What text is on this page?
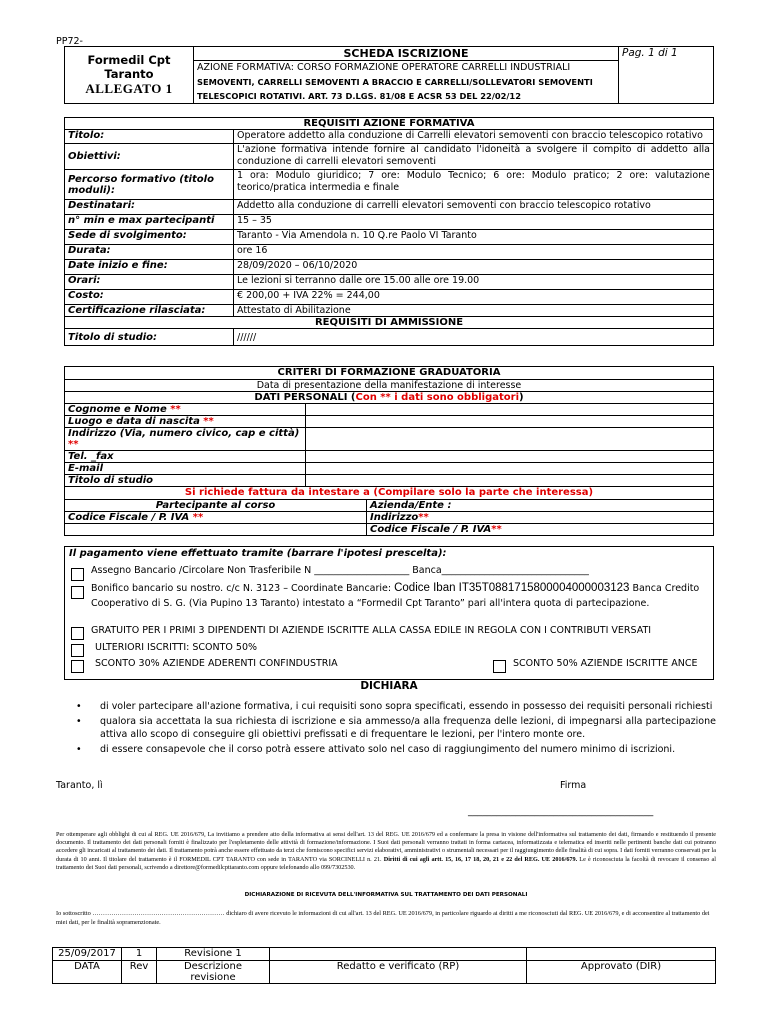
PP72-
Formedil Cpt
Taranto
ALLEGATO 1
	SCHEDA ISCRIZIONE	Pag. 1 di 1

AZIONE FORMATIVA: CORSO FORMAZIONE OPERATORE CARRELLI INDUSTRIALI
SEMOVENTI, CARRELLI SEMOVENTI A BRACCIO E CARRELLI/SOLLEVATORI SEMOVENTI
TELESCOPICI ROTATIVI. ART. 73 D.LGS. 81/08 E ACSR 53 DEL 22/02/12
REQUISITI AZIONE FORMATIVA	
Titolo:	Operatore addetto alla conduzione di Carrelli elevatori semoventi con braccio telescopico rotativo
Obiettivi:	L'azione formativa intende fornire al candidato l'idoneità a svolgere il compito di addetto alla conduzione di carrelli elevatori semoventi
Percorso formativo (titolo moduli):	1 ora: Modulo giuridico; 7 ore: Modulo Tecnico; 6 ore: Modulo pratico; 2 ore: valutazione teorico/pratica intermedia e finale
Destinatari:	Addetto alla conduzione di carrelli elevatori semoventi con braccio telescopico rotativo
n° min e max partecipanti	15 – 35
Sede di svolgimento:	Taranto - Via Amendola n. 10 Q.re Paolo VI Taranto
Durata:	ore 16
Date inizio e fine:	28/09/2020 – 06/10/2020
Orari:	Le lezioni si terranno dalle ore 15.00 alle ore 19.00
Costo:	€ 200,00 + IVA 22% = 244,00
Certificazione rilasciata:	Attestato di Abilitazione
REQUISITI DI AMMISSIONE	
Titolo di studio:	//////
CRITERI DI FORMAZIONE GRADUATORIA		
Data di presentazione della manifestazione di interesse		
DATI PERSONALI (Con ** i dati sono obbligatori)		
Cognome e Nome **		
Luogo e data di nascita **		
Indirizzo (Via, numero civico, cap e città) **		
Tel. _fax		
E-mail		
Titolo di studio		
Si richiede fattura da intestare a (Compilare solo la parte che interessa)		
Partecipante al corso		Azienda/Ente :
Codice Fiscale / P. IVA **		Indirizzo**
		Codice Fiscale / P. IVA**
Il pagamento viene effettuato tramite (barrare l'ipotesi prescelta):
Assegno Bancario /Circolare Non Trasferibile N ____________________ Banca_______________________________
Bonifico bancario su nostro. c/c N. 3123 – Coordinate Bancarie: Codice Iban IT35T0881715800004000003123 Banca Credito
Cooperativo di S. G. (Via Pupino 13 Taranto) intestato a “Formedil Cpt Taranto” pari all'intera quota di partecipazione.
GRATUITO PER I PRIMI 3 DIPENDENTI DI AZIENDE ISCRITTE ALLA CASSA EDILE IN REGOLA CON I CONTRIBUTI VERSATI
ULTERIORI ISCRITTI: SCONTO 50%
SCONTO 30% AZIENDE ADERENTI CONFINDUSTRIA	SCONTO 50% AZIENDE ISCRITTE ANCE
DICHIARA
•	di voler partecipare all'azione formativa, i cui requisiti sono sopra specificati, essendo in possesso dei requisiti personali richiesti
•	qualora sia accettata la sua richiesta di iscrizione e sia ammesso/a alla frequenza delle lezioni, di impegnarsi alla partecipazione attiva allo scopo di conseguire gli obiettivi prefissati e di frequentare le lezioni, per l'intero monte ore.
•	di essere consapevole che il corso potrà essere attivato solo nel caso di raggiungimento del numero minimo di iscrizioni.
Taranto, lì	Firma
_______________________________________
Per ottemperare agli obblighi di cui al REG. UE 2016/679, La invitiamo a prendere atto della informativa ai sensi dell'art. 13 del REG. UE 2016/679 ed a confermare la presa in visione dell'informativa sul trattamento dei dati, firmando e restituendo il presente documento. Il trattamento dei dati personali forniti è finalizzato per l'espletamento delle attività di formazione/informazione. I Suoi dati personali verranno trattati in forma cartacea, informatizzata e telematica ed inseriti nelle pertinenti banche dati cui potranno accedere gli incaricati al trattamento dei dati. Il trattamento potrà anche essere effettuato da terzi che forniscono specifici servizi elaborativi, amministrativi o strumentali necessari per il raggiungimento delle finalità di cui sopra. I dati forniti verranno conservati per la durata di 10 anni. Il titolare del trattamento è il FORMEDIL CPT TARANTO con sede in TARANTO via SORCINELLI n. 21. Diritti di cui agli artt. 15, 16, 17 18, 20, 21 e 22 del REG. UE 2016/679. Le è riconosciuta la facoltà di revocare il consenso al trattamento dei Suoi dati personali, scrivendo a direttore@formedilcpttaranto.com oppure telefonando allo 099/7302530.
DICHIARAZIONE DI RICEVUTA DELL'INFORMATIVA SUL TRATTAMENTO DEI DATI PERSONALI
Io sottoscritto ……………………………………………………… dichiaro di avere ricevuto le informazioni di cui all'art. 13 del REG. UE 2016/679, in particolare riguardo ai diritti a me riconosciuti dal REG. UE 2016/679, e di acconsentire al trattamento dei miei dati, per le finalità sopramenzionate.
25/09/2017	1	Revisione 1		
DATA	Rev	Descrizione revisione	Redatto e verificato (RP)	Approvato (DIR)
